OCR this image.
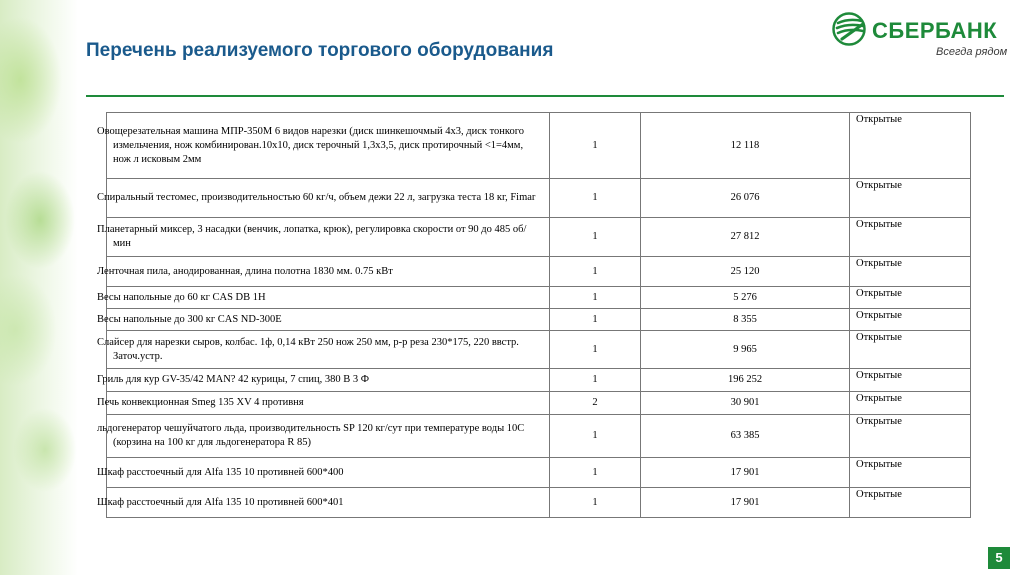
Перечень реализуемого торгового оборудования
СБЕРБАНК
Всегда рядом
Овощерезательная машина МПР-350М 6 видов нарезки (диск шинкешочмый 4х3, диск тонкого измельчения, нож комбинирован.10х10, диск терочный 1,3х3,5, диск протирочный <1=4мм, нож л исковым 2мм	1	12 118	Открытые
Спиральный тестомес, производительностью 60 кг/ч, объем дежи 22 л, загрузка теста 18 кг, Fimar	1	26 076	Открытые
Планетарный миксер, 3 насадки (венчик, лопатка, крюк), регулировка скорости от 90 до 485 об/мин	1	27 812	Открытые
Ленточная пила, анодированная, длина полотна 1830 мм. 0.75 кВт	1	25 120	Открытые
Весы напольные до 60 кг CAS DB 1H	1	5 276	Открытые
Весы напольные до 300 кг CAS ND-300E	1	8 355	Открытые
Слайсер для нарезки сыров, колбас. 1ф, 0,14 кВт 250 нож 250 мм, р-р реза 230*175, 220 ввстр. Заточ.устр.	1	9 965	Открытые
Гриль для кур GV-35/42 MAN? 42 курицы, 7 спиц, 380 В 3 Ф	1	196 252	Открытые
Печь конвекционная Smeg 135 XV 4 противня	2	30 901	Открытые
льдогенератор чешуйчатого льда, производительность SP 120 кг/сут при температуре воды 10С (корзина на 100 кг для льдогенератора R 85)	1	63 385	Открытые
Шкаф расстоечный для Alfa 135 10 противней 600*400	1	17 901	Открытые
Шкаф расстоечный для Alfa 135 10 противней 600*401	1	17 901	Открытые
5
